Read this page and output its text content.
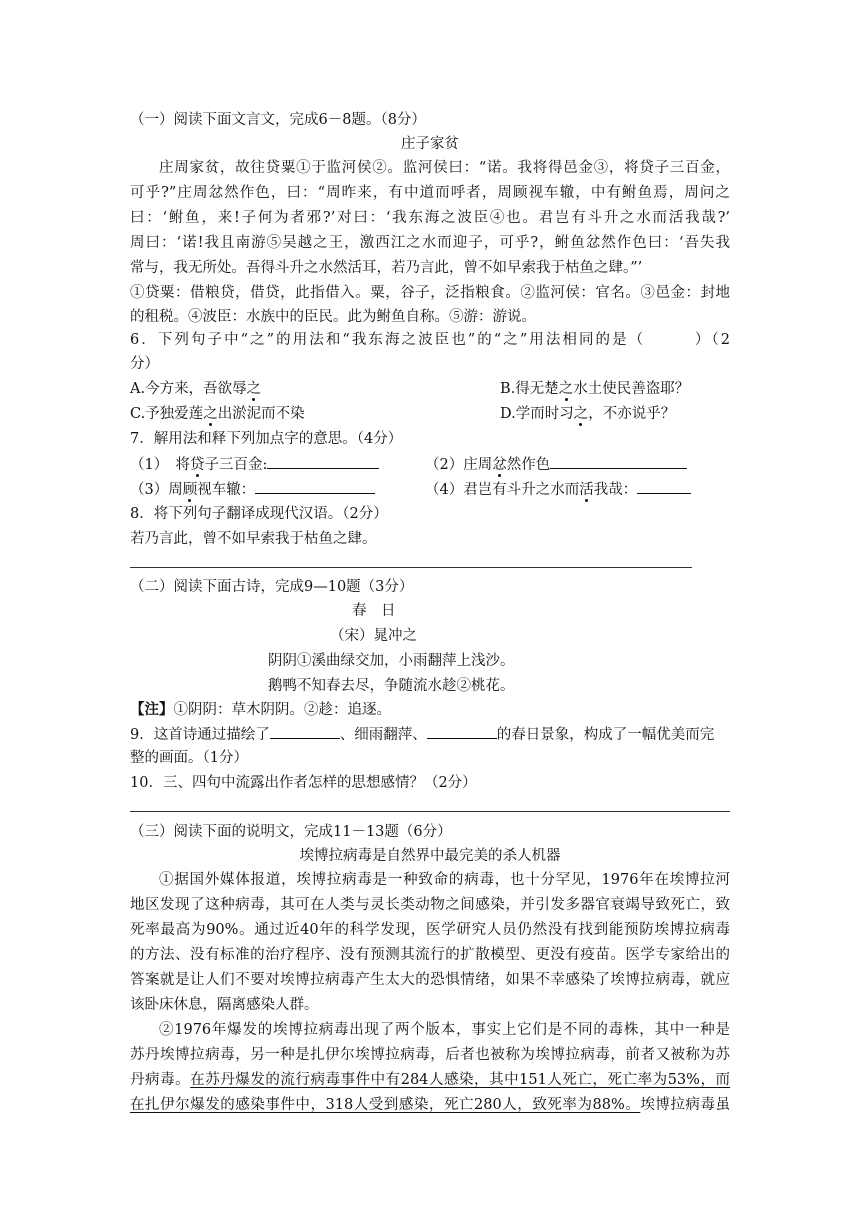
（一）阅读下面文言文，完成6－8题。（8分）
庄子家贫
庄周家贫，故往贷粟①于监河侯②。监河侯曰：“诺。我将得邑金③，将贷子三百金，
可乎?”庄周忿然作色，曰：“周昨来，有中道而呼者，周顾视车辙，中有鲋鱼焉，周问之
曰：‘鲋鱼，来!子何为者邪?’对曰：‘我东海之波臣④也。君岂有斗升之水而活我哉?’
周曰：‘诺!我且南游⑤吴越之王，激西江之水而迎子，可乎?，鲋鱼忿然作色曰：‘吾失我
常与，我无所处。吾得斗升之水然活耳，若乃言此，曾不如早索我于枯鱼之肆。”’
①贷粟：借粮贷，借贷，此指借入。粟，谷子，泛指粮食。②监河侯：官名。③邑金：封地
的租税。④波臣：水族中的臣民。此为鲋鱼自称。⑤游：游说。
6．下列句子中“之”的用法和“我东海之波臣也”的“之”用法相同的是（　　　）（2
分）
A.今方来，吾欲辱之	B.得无楚之水土使民善盗耶？
C.予独爱莲之出淤泥而不染	D.学而时习之，不亦说乎？
7．解用法和释下列加点字的意思。（4分）
（1）　将贷子三百金:	（2）庄周忿然作色
（3）周顾视车辙：	（4）君岂有斗升之水而活我哉：
8．将下列句子翻译成现代汉语。（2分）
若乃言此，曾不如早索我于枯鱼之肆。
（二）阅读下面古诗，完成9—10题（3分）
春　日
（宋）晁冲之
阴阴①溪曲绿交加，小雨翻萍上浅沙。
鹅鸭不知春去尽，争随流水趁②桃花。
【注】①阴阴：草木阴阴。②趁：追逐。
9．这首诗通过描绘了	、细雨翻萍、	的春日景象，构成了一幅优美而完
整的画面。（1分）
10．三、四句中流露出作者怎样的思想感情？（2分）
（三）阅读下面的说明文，完成11－13题（6分）
埃博拉病毒是自然界中最完美的杀人机器
①据国外媒体报道，埃博拉病毒是一种致命的病毒，也十分罕见，1976年在埃博拉河
地区发现了这种病毒，其可在人类与灵长类动物之间感染，并引发多器官衰竭导致死亡，致
死率最高为90%。通过近40年的科学发现，医学研究人员仍然没有找到能预防埃博拉病毒
的方法、没有标准的治疗程序、没有预测其流行的扩散模型、更没有疫苗。医学专家给出的
答案就是让人们不要对埃博拉病毒产生太大的恐惧情绪，如果不幸感染了埃博拉病毒，就应
该卧床休息，隔离感染人群。
②1976年爆发的埃博拉病毒出现了两个版本，事实上它们是不同的毒株，其中一种是
苏丹埃博拉病毒，另一种是扎伊尔埃博拉病毒，后者也被称为埃博拉病毒，前者又被称为苏
丹病毒。在苏丹爆发的流行病毒事件中有284人感染，其中151人死亡，死亡率为53%，而
在扎伊尔爆发的感染事件中，318人受到感染，死亡280人，致死率为88%。埃博拉病毒虽
